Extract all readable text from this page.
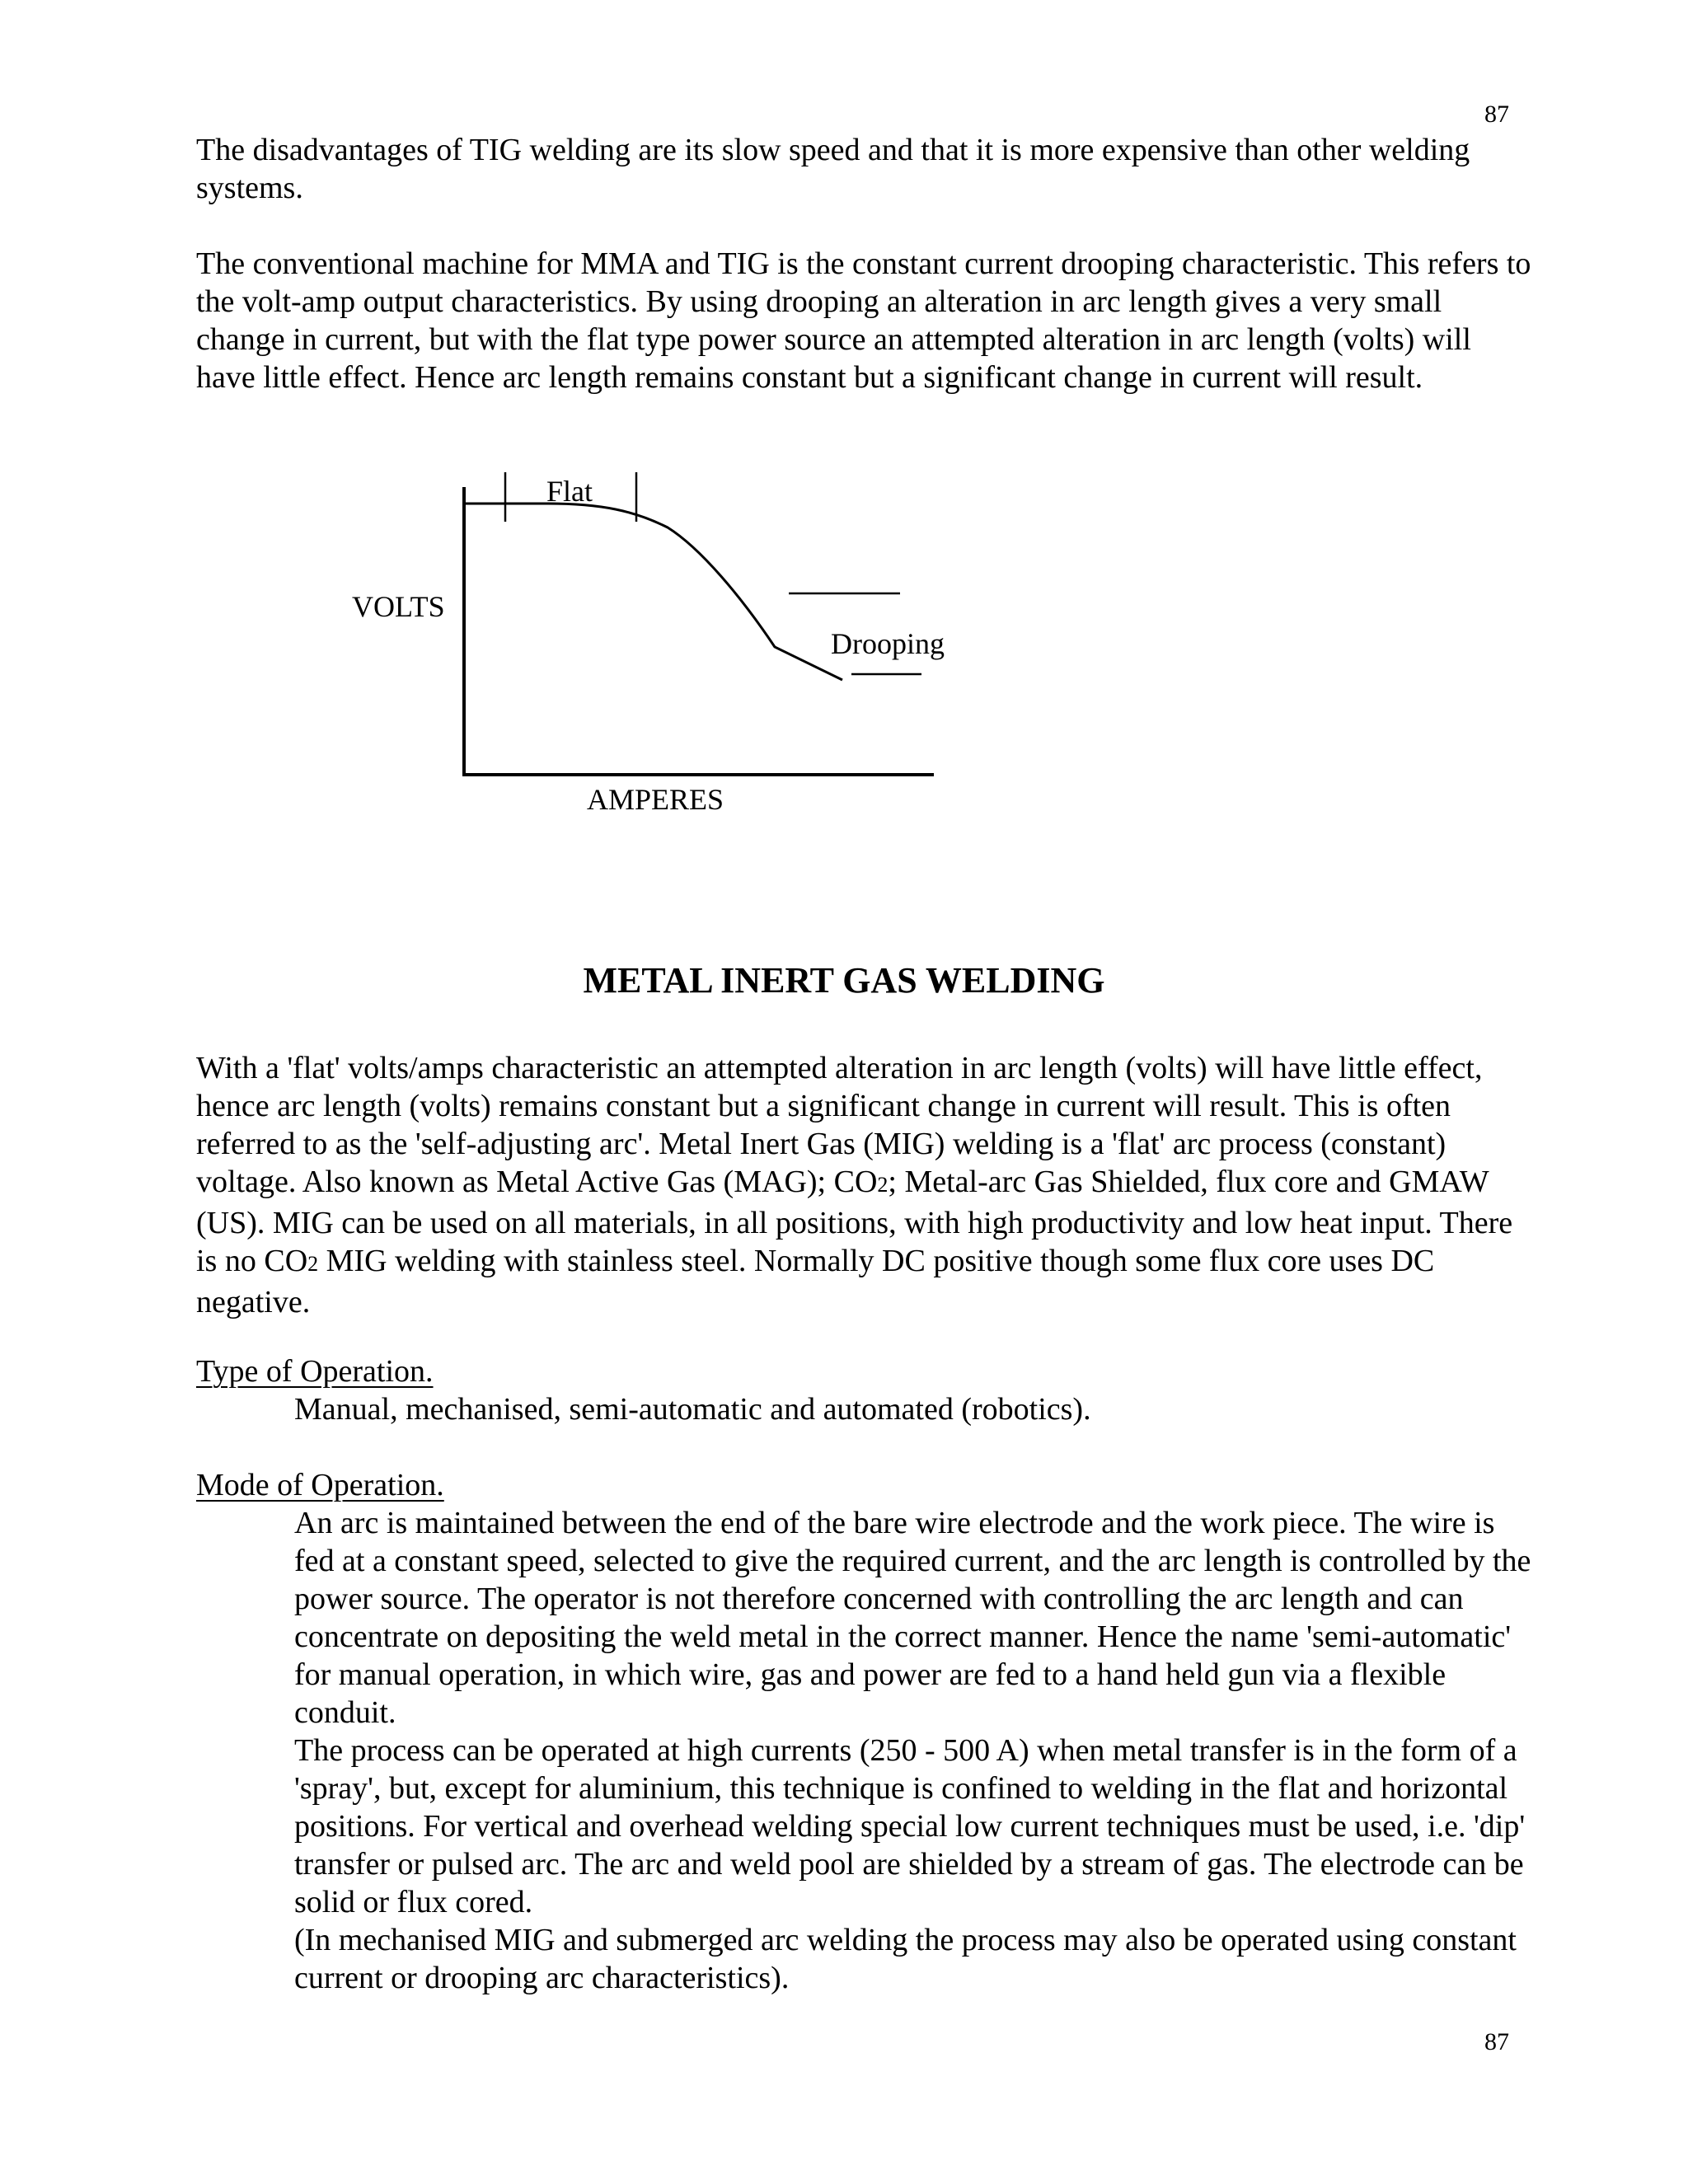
87

The disadvantages of TIG welding are its slow speed and that it is more expensive than other welding systems.

The conventional machine for MMA and TIG is the constant current drooping characteristic. This refers to the volt-amp output characteristics. By using drooping an alteration in arc length gives a very small change in current, but with the flat type power source an attempted alteration in arc length (volts) will have little effect. Hence arc length remains constant but a significant change in current will result.

Flat
VOLTS
Drooping
AMPERES
METAL INERT GAS WELDING

With a 'flat' volts/amps characteristic an attempted alteration in arc length (volts) will have little effect, hence arc length (volts) remains constant but a significant change in current will result. This is often referred to as the 'self-adjusting arc'. Metal Inert Gas (MIG) welding is a 'flat' arc process (constant) voltage. Also known as Metal Active Gas (MAG); CO2; Metal-arc Gas Shielded, flux core and GMAW (US). MIG can be used on all materials, in all positions, with high productivity and low heat input. There is no CO2 MIG welding with stainless steel. Normally DC positive though some flux core uses DC negative.

Type of Operation.

Manual, mechanised, semi-automatic and automated (robotics).

Mode of Operation.

An arc is maintained between the end of the bare wire electrode and the work piece. The wire is fed at a constant speed, selected to give the required current, and the arc length is controlled by the power source. The operator is not therefore concerned with controlling the arc length and can concentrate on depositing the weld metal in the correct manner. Hence the name 'semi-automatic' for manual operation, in which wire, gas and power are fed to a hand held gun via a flexible conduit.

The process can be operated at high currents (250 - 500 A) when metal transfer is in the form of a 'spray', but, except for aluminium, this technique is confined to welding in the flat and horizontal positions. For vertical and overhead welding special low current techniques must be used, i.e. 'dip' transfer or pulsed arc. The arc and weld pool are shielded by a stream of gas. The electrode can be solid or flux cored.

(In mechanised MIG and submerged arc welding the process may also be operated using constant current or drooping arc characteristics).

87
